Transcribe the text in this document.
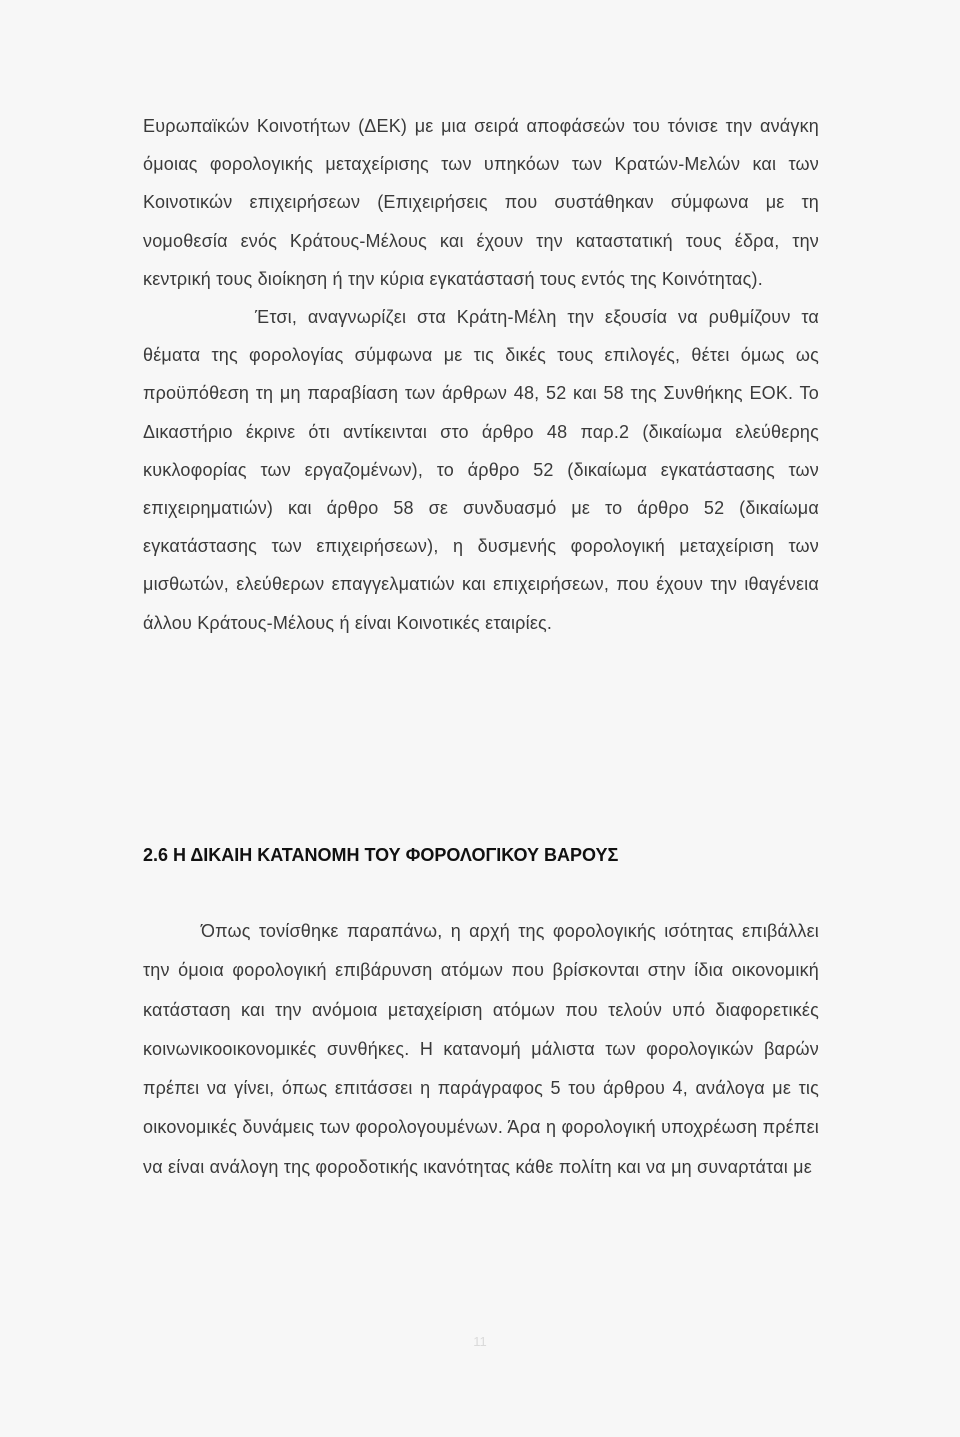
Ευρωπαϊκών Κοινοτήτων (ΔΕΚ) με μια σειρά αποφάσεών του τόνισε την ανάγκη όμοιας φορολογικής μεταχείρισης των υπηκόων των Κρατών-Μελών και των Κοινοτικών επιχειρήσεων (Επιχειρήσεις που συστάθηκαν σύμφωνα με τη νομοθεσία ενός Κράτους-Μέλους και έχουν την καταστατική τους έδρα, την κεντρική τους διοίκηση ή την κύρια εγκατάστασή τους εντός της Κοινότητας).

Έτσι, αναγνωρίζει στα Κράτη-Μέλη την εξουσία να ρυθμίζουν τα θέματα της φορολογίας σύμφωνα με τις δικές τους επιλογές, θέτει όμως ως προϋπόθεση τη μη παραβίαση των άρθρων 48, 52 και 58 της Συνθήκης ΕΟΚ. Το Δικαστήριο έκρινε ότι αντίκεινται στο άρθρο 48 παρ.2 (δικαίωμα ελεύθερης κυκλοφορίας των εργαζομένων), το άρθρο 52 (δικαίωμα εγκατάστασης των επιχειρηματιών) και άρθρο 58 σε συνδυασμό με το άρθρο 52 (δικαίωμα εγκατάστασης των επιχειρήσεων), η δυσμενής φορολογική μεταχείριση των μισθωτών, ελεύθερων επαγγελματιών και επιχειρήσεων, που έχουν την ιθαγένεια άλλου Κράτους-Μέλους ή είναι Κοινοτικές εταιρίες.

2.6 Η ΔΙΚΑΙΗ ΚΑΤΑΝΟΜΗ ΤΟΥ ΦΟΡΟΛΟΓΙΚΟΥ ΒΑΡΟΥΣ

Όπως τονίσθηκε παραπάνω, η αρχή της φορολογικής ισότητας επιβάλλει την όμοια φορολογική επιβάρυνση ατόμων που βρίσκονται στην ίδια οικονομική κατάσταση και την ανόμοια μεταχείριση ατόμων που τελούν υπό διαφορετικές κοινωνικοοικονομικές συνθήκες. Η κατανομή μάλιστα των φορολογικών βαρών πρέπει να γίνει, όπως επιτάσσει η παράγραφος 5 του άρθρου 4, ανάλογα με τις οικονομικές δυνάμεις των φορολογουμένων. Άρα η φορολογική υποχρέωση πρέπει να είναι ανάλογη της φοροδοτικής ικανότητας κάθε πολίτη και να μη συναρτάται με

11
